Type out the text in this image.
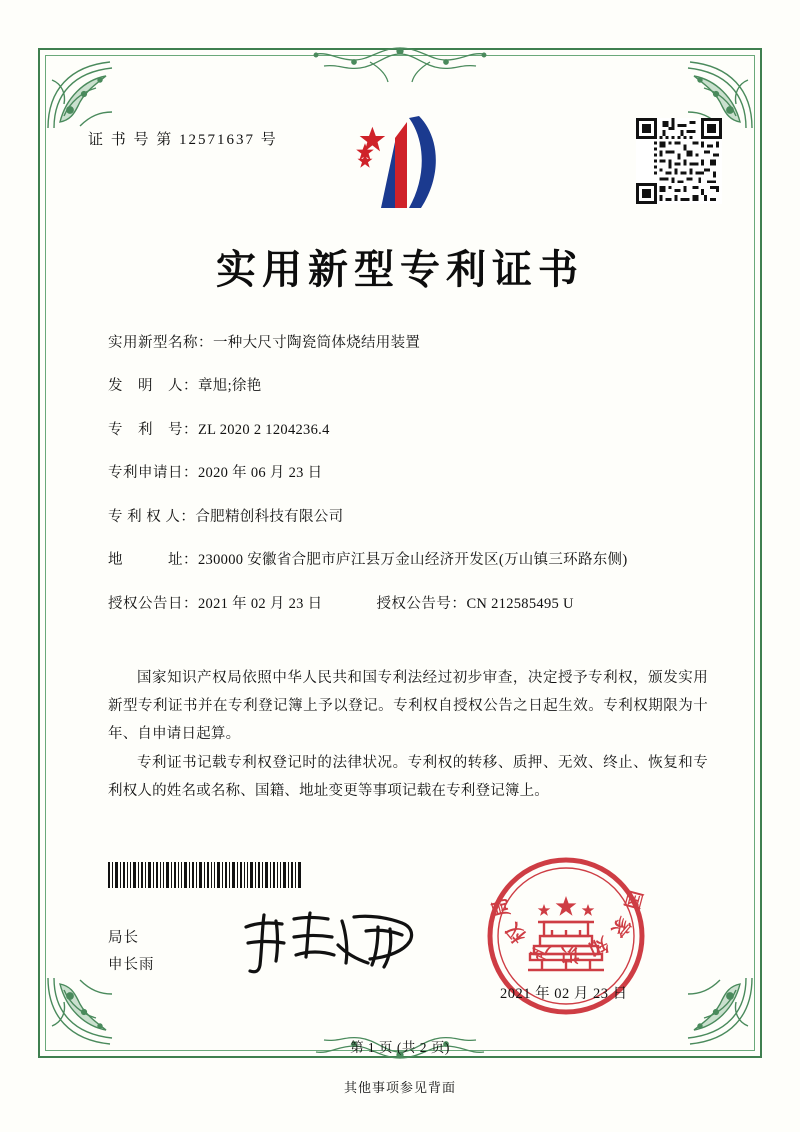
证 书 号 第 12571637 号
实用新型专利证书
实用新型名称： 一种大尺寸陶瓷筒体烧结用装置
发　明　人： 章旭;徐艳
专　利　号： ZL 2020 2 1204236.4
专利申请日： 2020 年 06 月 23 日
专 利 权 人： 合肥精创科技有限公司
地　　　址： 230000 安徽省合肥市庐江县万金山经济开发区(万山镇三环路东侧)
授权公告日： 2021 年 02 月 23 日	授权公告号： CN 212585495 U

国家知识产权局依照中华人民共和国专利法经过初步审查，决定授予专利权，颁发实用新型专利证书并在专利登记簿上予以登记。专利权自授权公告之日起生效。专利权期限为十年、自申请日起算。

专利证书记载专利权登记时的法律状况。专利权的转移、质押、无效、终止、恢复和专利权人的姓名或名称、国籍、地址变更等事项记载在专利登记簿上。

局长
申长雨
国家知识产权局
2021 年 02 月 23 日
第 1 页 (共 2 页)
其他事项参见背面
